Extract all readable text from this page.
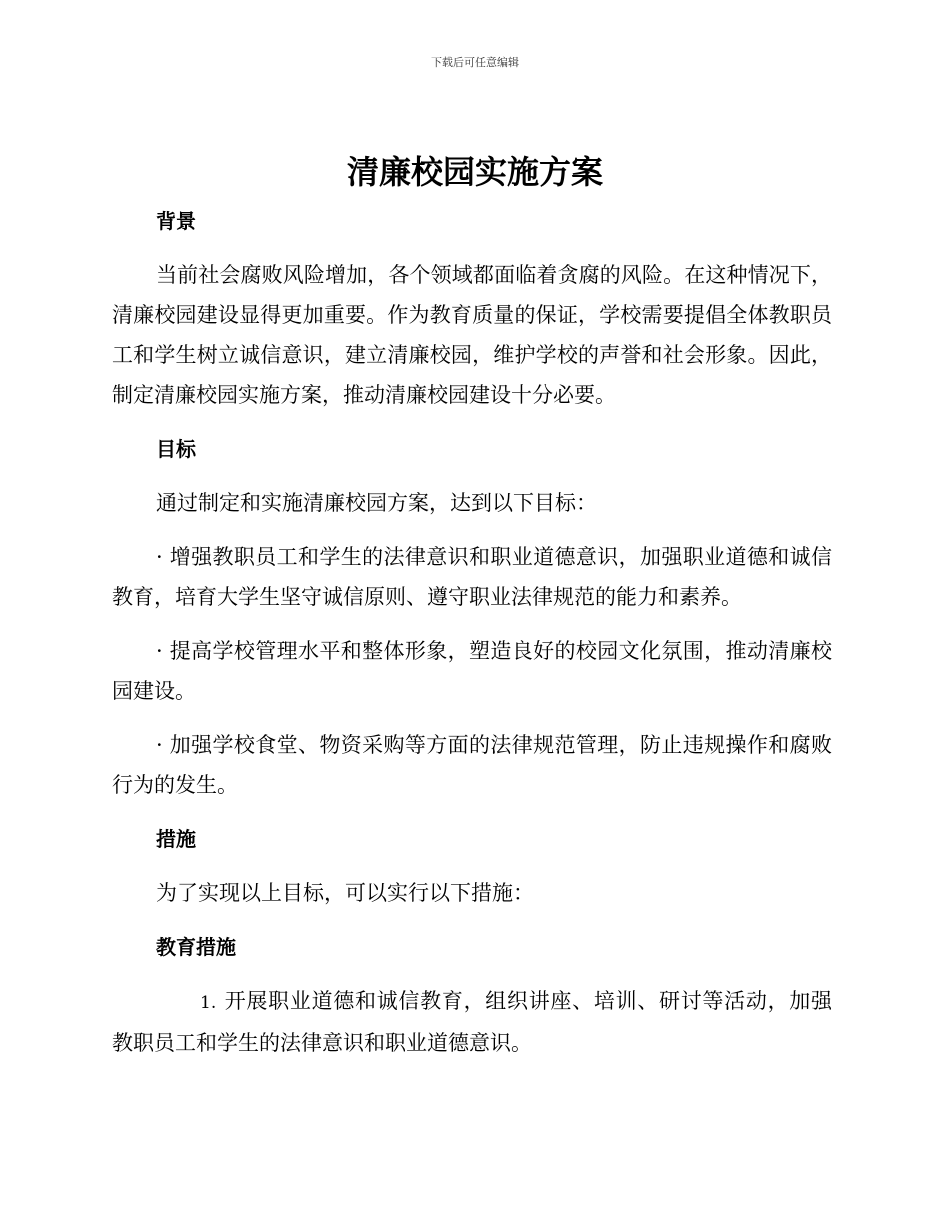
下载后可任意编辑
清廉校园实施方案
背景

当前社会腐败风险增加，各个领域都面临着贪腐的风险。在这种情况下，清廉校园建设显得更加重要。作为教育质量的保证，学校需要提倡全体教职员工和学生树立诚信意识，建立清廉校园，维护学校的声誉和社会形象。因此，制定清廉校园实施方案，推动清廉校园建设十分必要。

目标

通过制定和实施清廉校园方案，达到以下目标：

· 增强教职员工和学生的法律意识和职业道德意识，加强职业道德和诚信教育，培育大学生坚守诚信原则、遵守职业法律规范的能力和素养。

· 提高学校管理水平和整体形象，塑造良好的校园文化氛围，推动清廉校园建设。

· 加强学校食堂、物资采购等方面的法律规范管理，防止违规操作和腐败行为的发生。

措施

为了实现以上目标，可以实行以下措施：

教育措施

1. 开展职业道德和诚信教育，组织讲座、培训、研讨等活动，加强教职员工和学生的法律意识和职业道德意识。
